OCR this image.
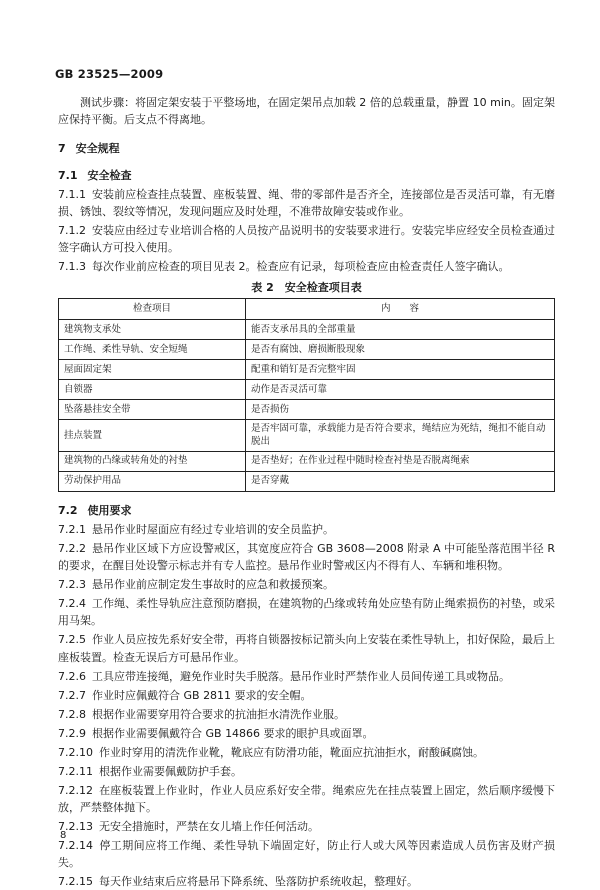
GB 23525—2009

测试步骤：将固定架安装于平整场地，在固定架吊点加载 2 倍的总载重量，静置 10 min。固定架应保持平衡。后支点不得离地。

7 安全规程

7.1 安全检查

7.1.1 安装前应检查挂点装置、座板装置、绳、带的零部件是否齐全，连接部位是否灵活可靠，有无磨损、锈蚀、裂纹等情况，发现问题应及时处理，不准带故障安装或作业。

7.1.2 安装应由经过专业培训合格的人员按产品说明书的安装要求进行。安装完毕应经安全员检查通过签字确认方可投入使用。

7.1.3 每次作业前应检查的项目见表 2。检查应有记录，每项检查应由检查责任人签字确认。

表 2　安全检查项目表
检查项目	内　　容
建筑物支承处	能否支承吊具的全部重量
工作绳、柔性导轨、安全短绳	是否有腐蚀、磨损断股现象
屋面固定架	配重和销钉是否完整牢固
自锁器	动作是否灵活可靠
坠落悬挂安全带	是否损伤
挂点装置	是否牢固可靠，承载能力是否符合要求，绳结应为死结，绳扣不能自动脱出
建筑物的凸缘或转角处的衬垫	是否垫好；在作业过程中随时检查衬垫是否脱离绳索
劳动保护用品	是否穿戴

7.2 使用要求

7.2.1 悬吊作业时屋面应有经过专业培训的安全员监护。

7.2.2 悬吊作业区域下方应设警戒区，其宽度应符合 GB 3608—2008 附录 A 中可能坠落范围半径 R 的要求，在醒目处设警示标志并有专人监控。悬吊作业时警戒区内不得有人、车辆和堆积物。

7.2.3 悬吊作业前应制定发生事故时的应急和救援预案。

7.2.4 工作绳、柔性导轨应注意预防磨损，在建筑物的凸缘或转角处应垫有防止绳索损伤的衬垫，或采用马架。

7.2.5 作业人员应按先系好安全带，再将自锁器按标记箭头向上安装在柔性导轨上，扣好保险，最后上座板装置。检查无误后方可悬吊作业。

7.2.6 工具应带连接绳，避免作业时失手脱落。悬吊作业时严禁作业人员间传递工具或物品。

7.2.7 作业时应佩戴符合 GB 2811 要求的安全帽。

7.2.8 根据作业需要穿用符合要求的抗油拒水清洗作业服。

7.2.9 根据作业需要佩戴符合 GB 14866 要求的眼护具或面罩。

7.2.10 作业时穿用的清洗作业靴，靴底应有防滑功能，靴面应抗油拒水，耐酸碱腐蚀。

7.2.11 根据作业需要佩戴防护手套。

7.2.12 在座板装置上作业时，作业人员应系好安全带。绳索应先在挂点装置上固定，然后顺序缓慢下放，严禁整体抛下。

7.2.13 无安全措施时，严禁在女儿墙上作任何活动。

7.2.14 停工期间应将工作绳、柔性导轨下端固定好，防止行人或大风等因素造成人员伤害及财产损失。

7.2.15 每天作业结束后应将悬吊下降系统、坠落防护系统收起，整理好。

8
